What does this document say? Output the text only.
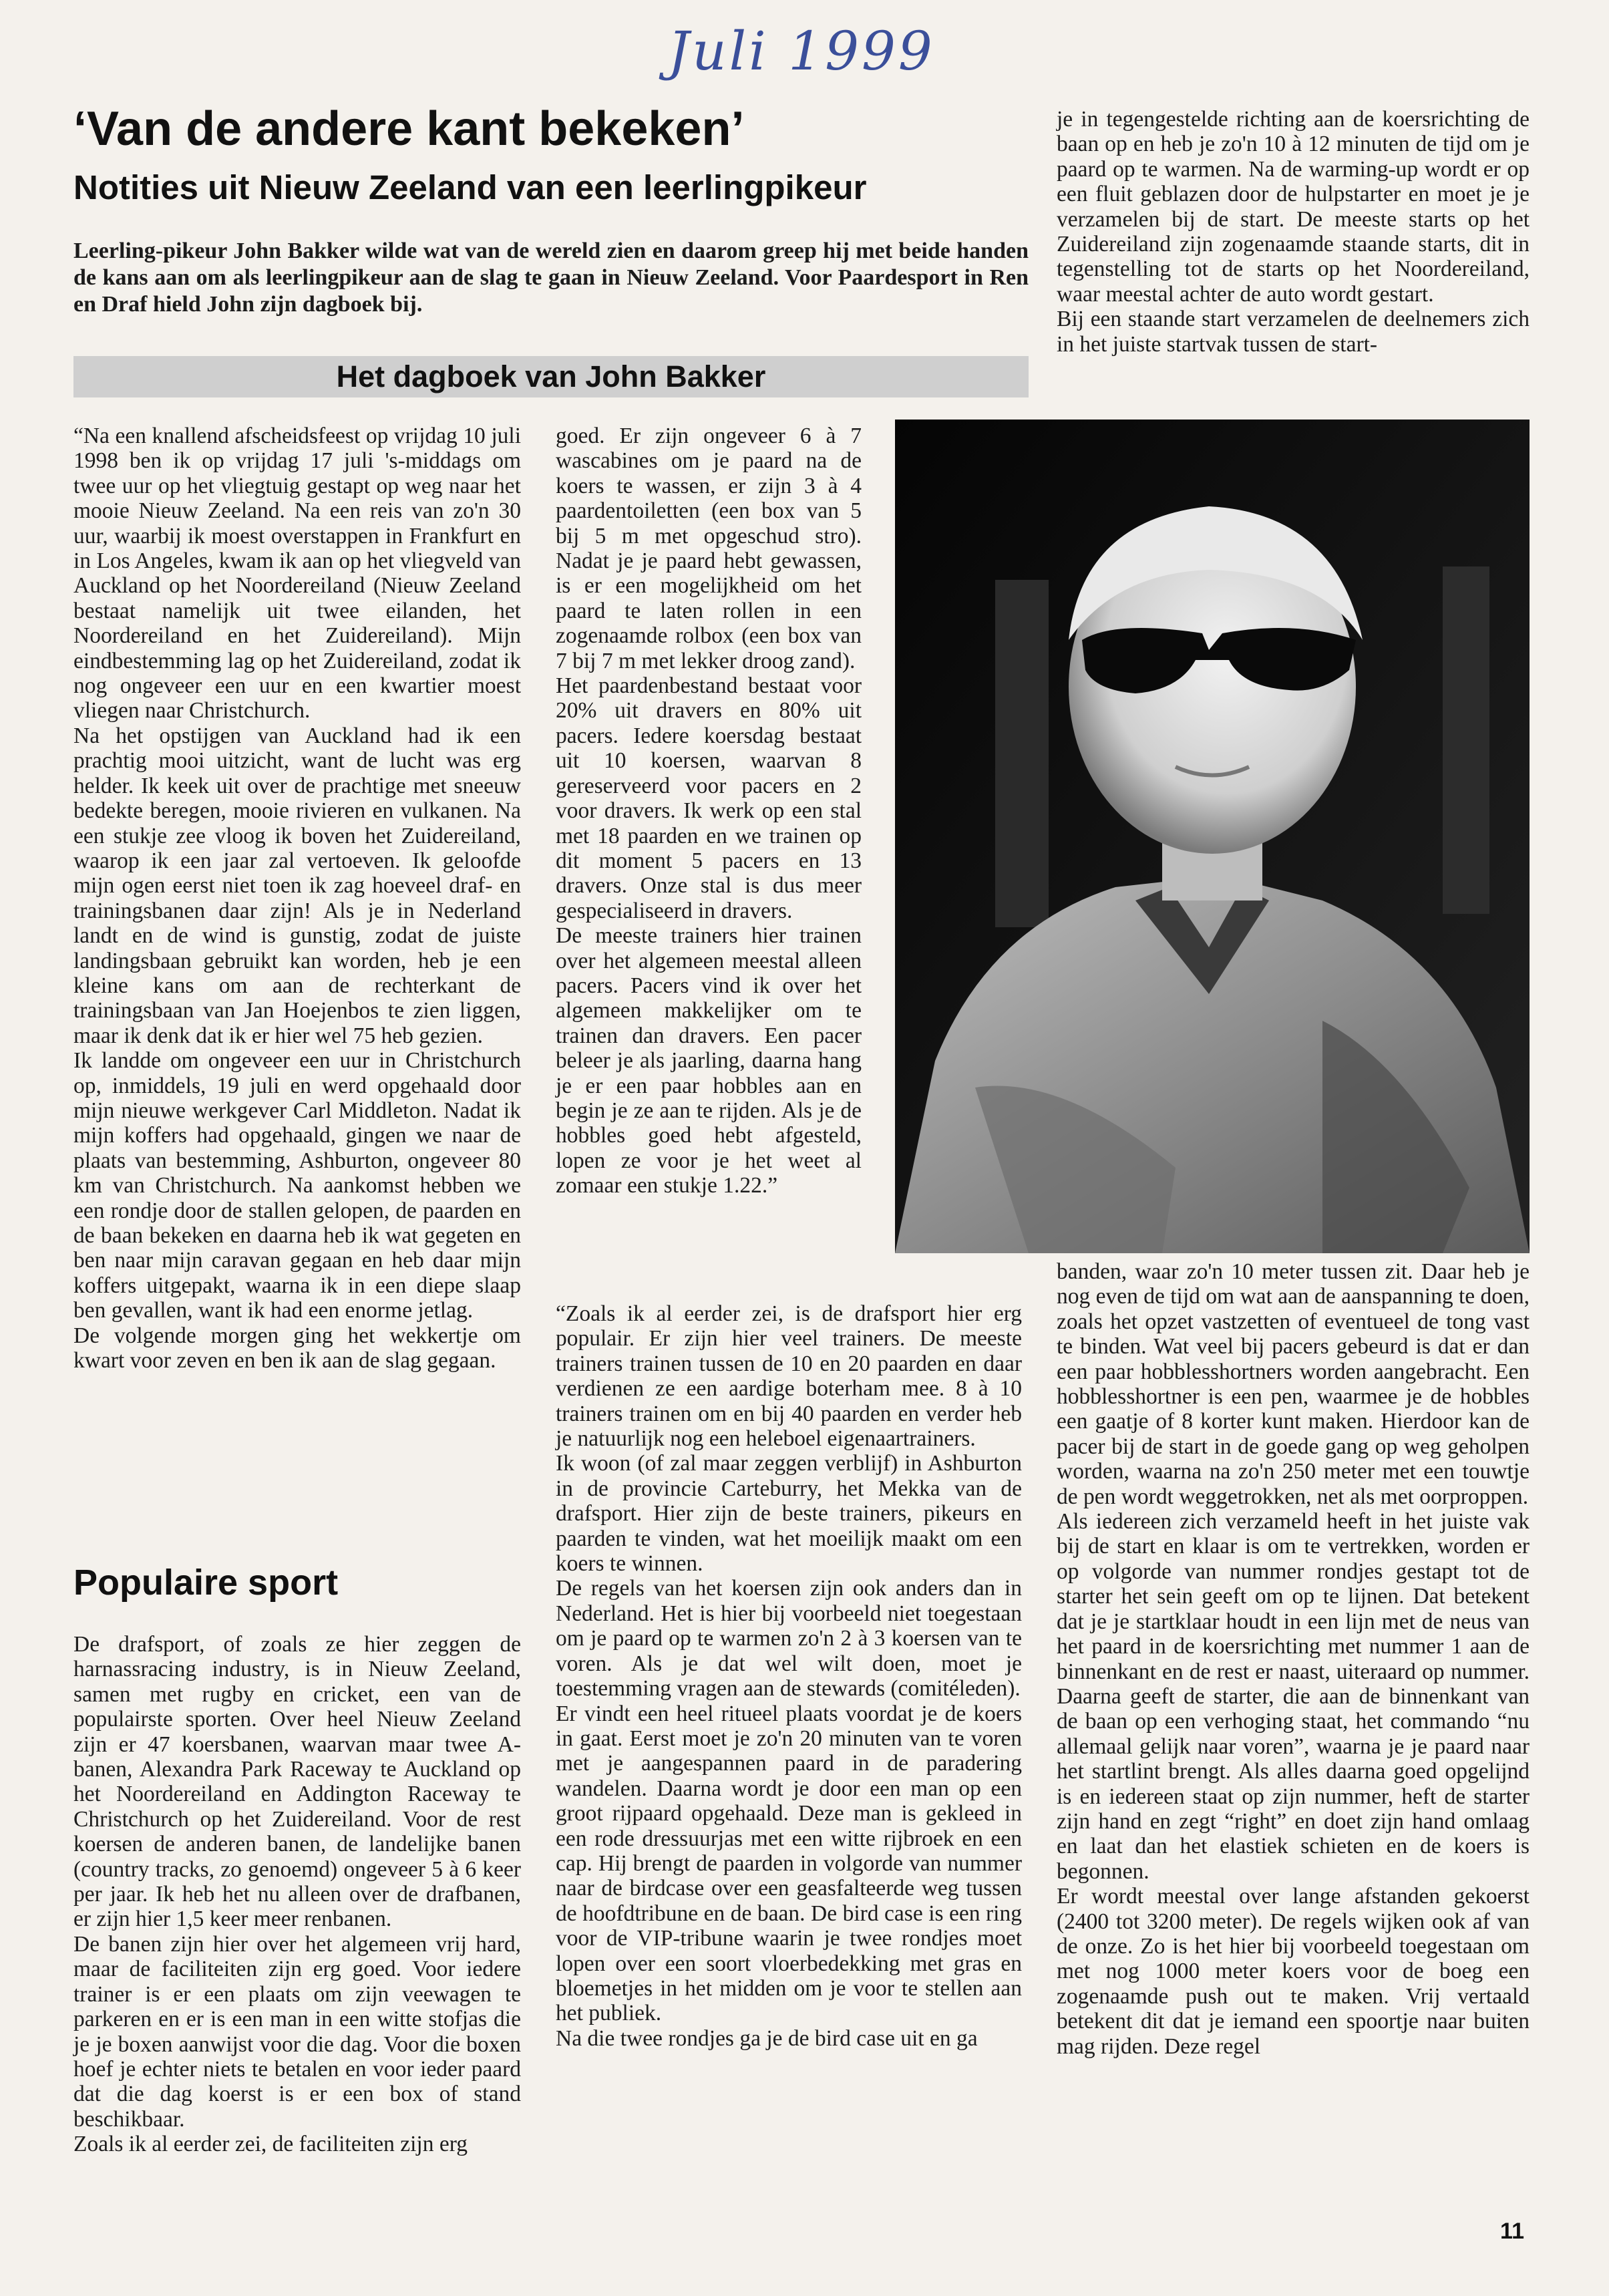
Juli 1999
‘Van de andere kant bekeken’
Notities uit Nieuw Zeeland van een leerlingpikeur

Leerling-pikeur John Bakker wilde wat van de wereld zien en daarom greep hij met beide handen de kans aan om als leerlingpikeur aan de slag te gaan in Nieuw Zeeland. Voor Paardesport in Ren en Draf hield John zijn dagboek bij.

Het dagboek van John Bakker

“Na een knallend afscheidsfeest op vrijdag 10 juli 1998 ben ik op vrijdag 17 juli 's-middags om twee uur op het vliegtuig gestapt op weg naar het mooie Nieuw Zeeland. Na een reis van zo'n 30 uur, waarbij ik moest overstappen in Frankfurt en in Los Angeles, kwam ik aan op het vliegveld van Auckland op het Noordereiland (Nieuw Zeeland bestaat namelijk uit twee eilanden, het Noordereiland en het Zuidereiland). Mijn eindbestemming lag op het Zuidereiland, zodat ik nog ongeveer een uur en een kwartier moest vliegen naar Christchurch.

Na het opstijgen van Auckland had ik een prachtig mooi uitzicht, want de lucht was erg helder. Ik keek uit over de prachtige met sneeuw bedekte beregen, mooie rivieren en vulkanen. Na een stukje zee vloog ik boven het Zuidereiland, waarop ik een jaar zal vertoeven. Ik geloofde mijn ogen eerst niet toen ik zag hoeveel draf- en trainingsbanen daar zijn! Als je in Nederland landt en de wind is gunstig, zodat de juiste landingsbaan gebruikt kan worden, heb je een kleine kans om aan de rechterkant de trainingsbaan van Jan Hoejenbos te zien liggen, maar ik denk dat ik er hier wel 75 heb gezien.

Ik landde om ongeveer een uur in Christchurch op, inmiddels, 19 juli en werd opgehaald door mijn nieuwe werkgever Carl Middleton. Nadat ik mijn koffers had opgehaald, gingen we naar de plaats van bestemming, Ashburton, ongeveer 80 km van Christchurch. Na aankomst hebben we een rondje door de stallen gelopen, de paarden en de baan bekeken en daarna heb ik wat gegeten en ben naar mijn caravan gegaan en heb daar mijn koffers uitgepakt, waarna ik in een diepe slaap ben gevallen, want ik had een enorme jetlag.

De volgende morgen ging het wekkertje om kwart voor zeven en ben ik aan de slag gegaan.

Populaire sport

De drafsport, of zoals ze hier zeggen de harnassracing industry, is in Nieuw Zeeland, samen met rugby en cricket, een van de populairste sporten. Over heel Nieuw Zeeland zijn er 47 koersbanen, waarvan maar twee A-banen, Alexandra Park Raceway te Auckland op het Noordereiland en Addington Raceway te Christchurch op het Zuidereiland. Voor de rest koersen de anderen banen, de landelijke banen (country tracks, zo genoemd) ongeveer 5 à 6 keer per jaar. Ik heb het nu alleen over de drafbanen, er zijn hier 1,5 keer meer renbanen.

De banen zijn hier over het algemeen vrij hard, maar de faciliteiten zijn erg goed. Voor iedere trainer is er een plaats om zijn veewagen te parkeren en er is een man in een witte stofjas die je je boxen aanwijst voor die dag. Voor die boxen hoef je echter niets te betalen en voor ieder paard dat die dag koerst is er een box of stand beschikbaar.

Zoals ik al eerder zei, de faciliteiten zijn erg

goed. Er zijn ongeveer 6 à 7 wascabines om je paard na de koers te wassen, er zijn 3 à 4 paardentoiletten (een box van 5 bij 5 m met opgeschud stro). Nadat je je paard hebt gewassen, is er een mogelijkheid om het paard te laten rollen in een zogenaamde rolbox (een box van 7 bij 7 m met lekker droog zand).

Het paardenbestand bestaat voor 20% uit dravers en 80% uit pacers. Iedere koersdag bestaat uit 10 koersen, waarvan 8 gereserveerd voor pacers en 2 voor dravers. Ik werk op een stal met 18 paarden en we trainen op dit moment 5 pacers en 13 dravers. Onze stal is dus meer gespecialiseerd in dravers.

De meeste trainers hier trainen over het algemeen meestal alleen pacers. Pacers vind ik over het algemeen makkelijker om te trainen dan dravers. Een pacer beleer je als jaarling, daarna hang je er een paar hobbles aan en begin je ze aan te rijden. Als je de hobbles goed hebt afgesteld, lopen ze voor je het weet al zomaar een stukje 1.22.”

“Zoals ik al eerder zei, is de drafsport hier erg populair. Er zijn hier veel trainers. De meeste trainers trainen tussen de 10 en 20 paarden en daar verdienen ze een aardige boterham mee. 8 à 10 trainers trainen om en bij 40 paarden en verder heb je natuurlijk nog een heleboel eigenaartrainers.

Ik woon (of zal maar zeggen verblijf) in Ashburton in de provincie Carteburry, het Mekka van de drafsport. Hier zijn de beste trainers, pikeurs en paarden te vinden, wat het moeilijk maakt om een koers te winnen.

De regels van het koersen zijn ook anders dan in Nederland. Het is hier bij voorbeeld niet toegestaan om je paard op te warmen zo'n 2 à 3 koersen van te voren. Als je dat wel wilt doen, moet je toestemming vragen aan de stewards (comitéleden).

Er vindt een heel ritueel plaats voordat je de koers in gaat. Eerst moet je zo'n 20 minuten van te voren met je aangespannen paard in de paradering wandelen. Daarna wordt je door een man op een groot rijpaard opgehaald. Deze man is gekleed in een rode dressuurjas met een witte rijbroek en een cap. Hij brengt de paarden in volgorde van nummer naar de birdcase over een geasfalteerde weg tussen de hoofdtribune en de baan. De bird case is een ring voor de VIP-tribune waarin je twee rondjes moet lopen over een soort vloerbedekking met gras en bloemetjes in het midden om je voor te stellen aan het publiek.

Na die twee rondjes ga je de bird case uit en ga

je in tegengestelde richting aan de koersrichting de baan op en heb je zo'n 10 à 12 minuten de tijd om je paard op te warmen. Na de warming-up wordt er op een fluit geblazen door de hulpstarter en moet je je verzamelen bij de start. De meeste starts op het Zuidereiland zijn zogenaamde staande starts, dit in tegenstelling tot de starts op het Noordereiland, waar meestal achter de auto wordt gestart.

Bij een staande start verzamelen de deelnemers zich in het juiste startvak tussen de start-

banden, waar zo'n 10 meter tussen zit. Daar heb je nog even de tijd om wat aan de aanspanning te doen, zoals het opzet vastzetten of eventueel de tong vast te binden. Wat veel bij pacers gebeurd is dat er dan een paar hobblesshortners worden aangebracht. Een hobblesshortner is een pen, waarmee je de hobbles een gaatje of 8 korter kunt maken. Hierdoor kan de pacer bij de start in de goede gang op weg geholpen worden, waarna na zo'n 250 meter met een touwtje de pen wordt weggetrokken, net als met oorproppen.

Als iedereen zich verzameld heeft in het juiste vak bij de start en klaar is om te vertrekken, worden er op volgorde van nummer rondjes gestapt tot de starter het sein geeft om op te lijnen. Dat betekent dat je je startklaar houdt in een lijn met de neus van het paard in de koersrichting met nummer 1 aan de binnenkant en de rest er naast, uiteraard op nummer. Daarna geeft de starter, die aan de binnenkant van de baan op een verhoging staat, het commando “nu allemaal gelijk naar voren”, waarna je je paard naar het startlint brengt. Als alles daarna goed opgelijnd is en iedereen staat op zijn nummer, heft de starter zijn hand en zegt “right” en doet zijn hand omlaag en laat dan het elastiek schieten en de koers is begonnen.

Er wordt meestal over lange afstanden gekoerst (2400 tot 3200 meter). De regels wijken ook af van de onze. Zo is het hier bij voorbeeld toegestaan om met nog 1000 meter koers voor de boeg een zogenaamde push out te maken. Vrij vertaald betekent dit dat je iemand een spoortje naar buiten mag rijden. Deze regel

11
